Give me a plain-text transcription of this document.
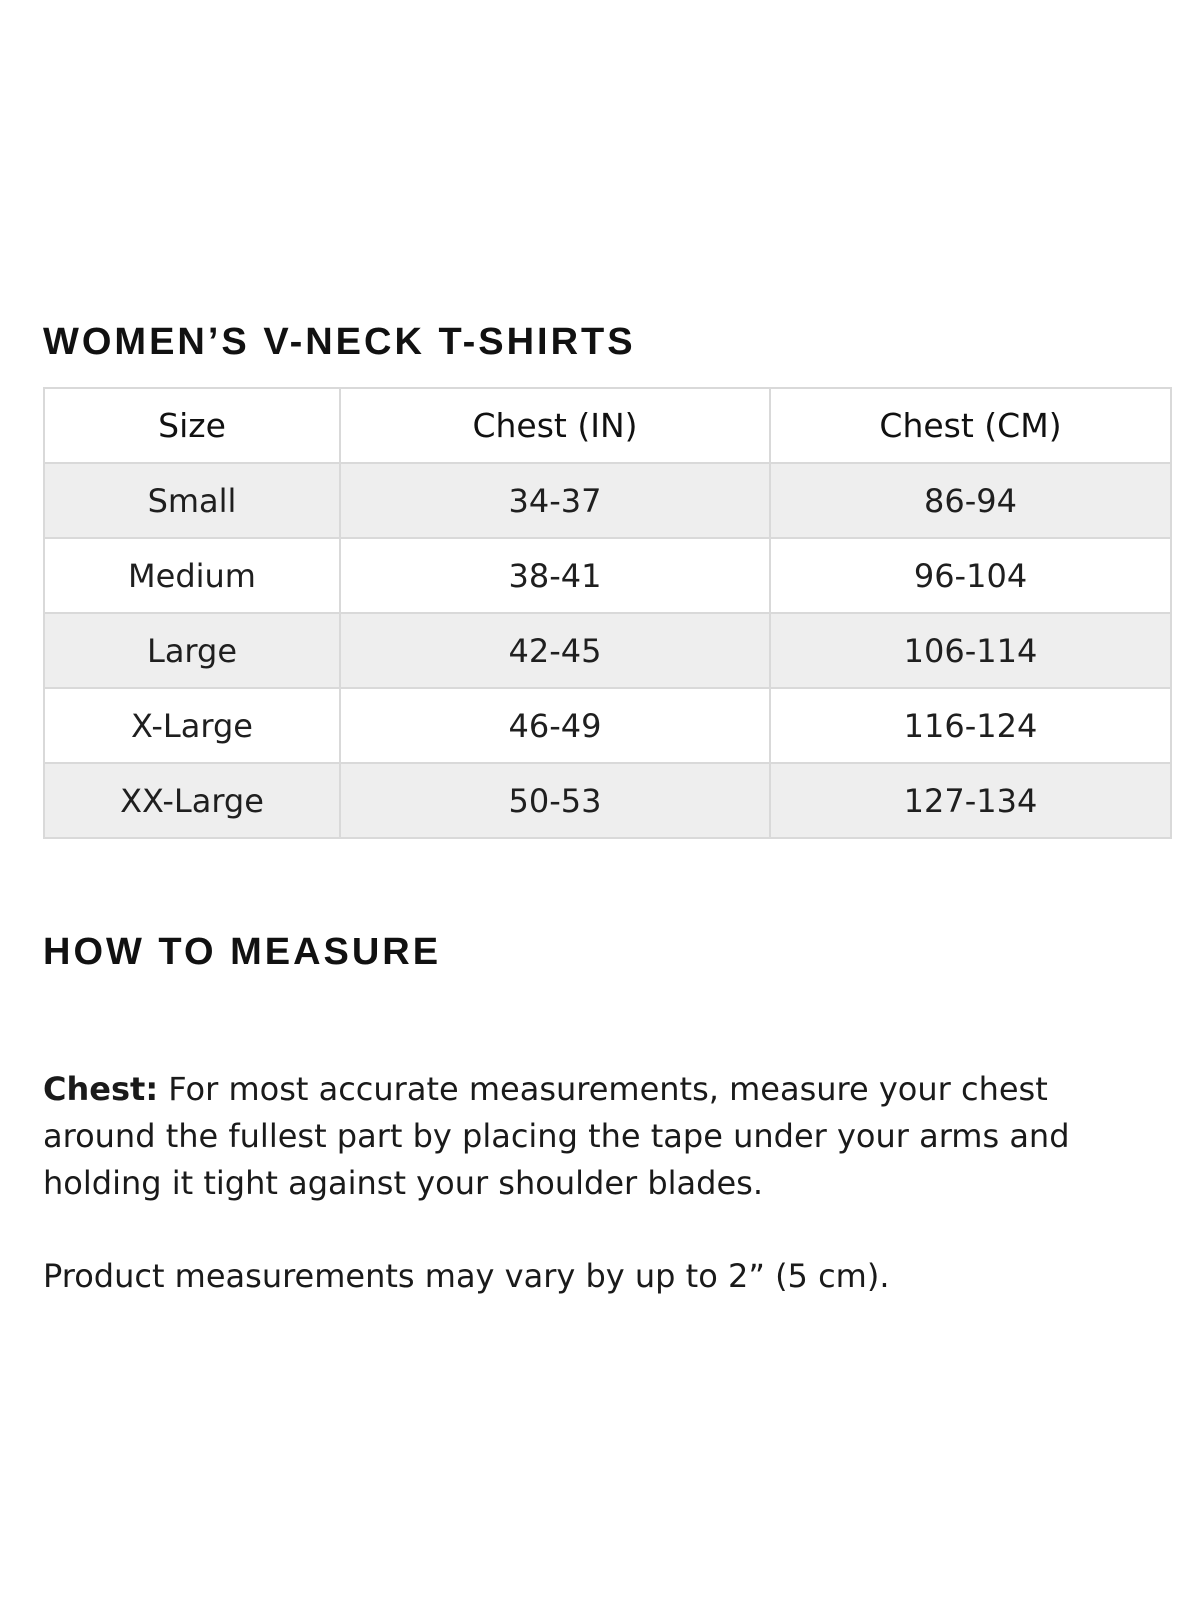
WOMEN’S V-NECK T-SHIRTS
Size	Chest (IN)	Chest (CM)
Small	34-37	86-94
Medium	38-41	96-104
Large	42-45	106-114
X-Large	46-49	116-124
XX-Large	50-53	127-134
HOW TO MEASURE

Chest: For most accurate measurements, measure your chest around the fullest part by placing the tape under your arms and holding it tight against your shoulder blades.

Product measurements may vary by up to 2” (5 cm).
